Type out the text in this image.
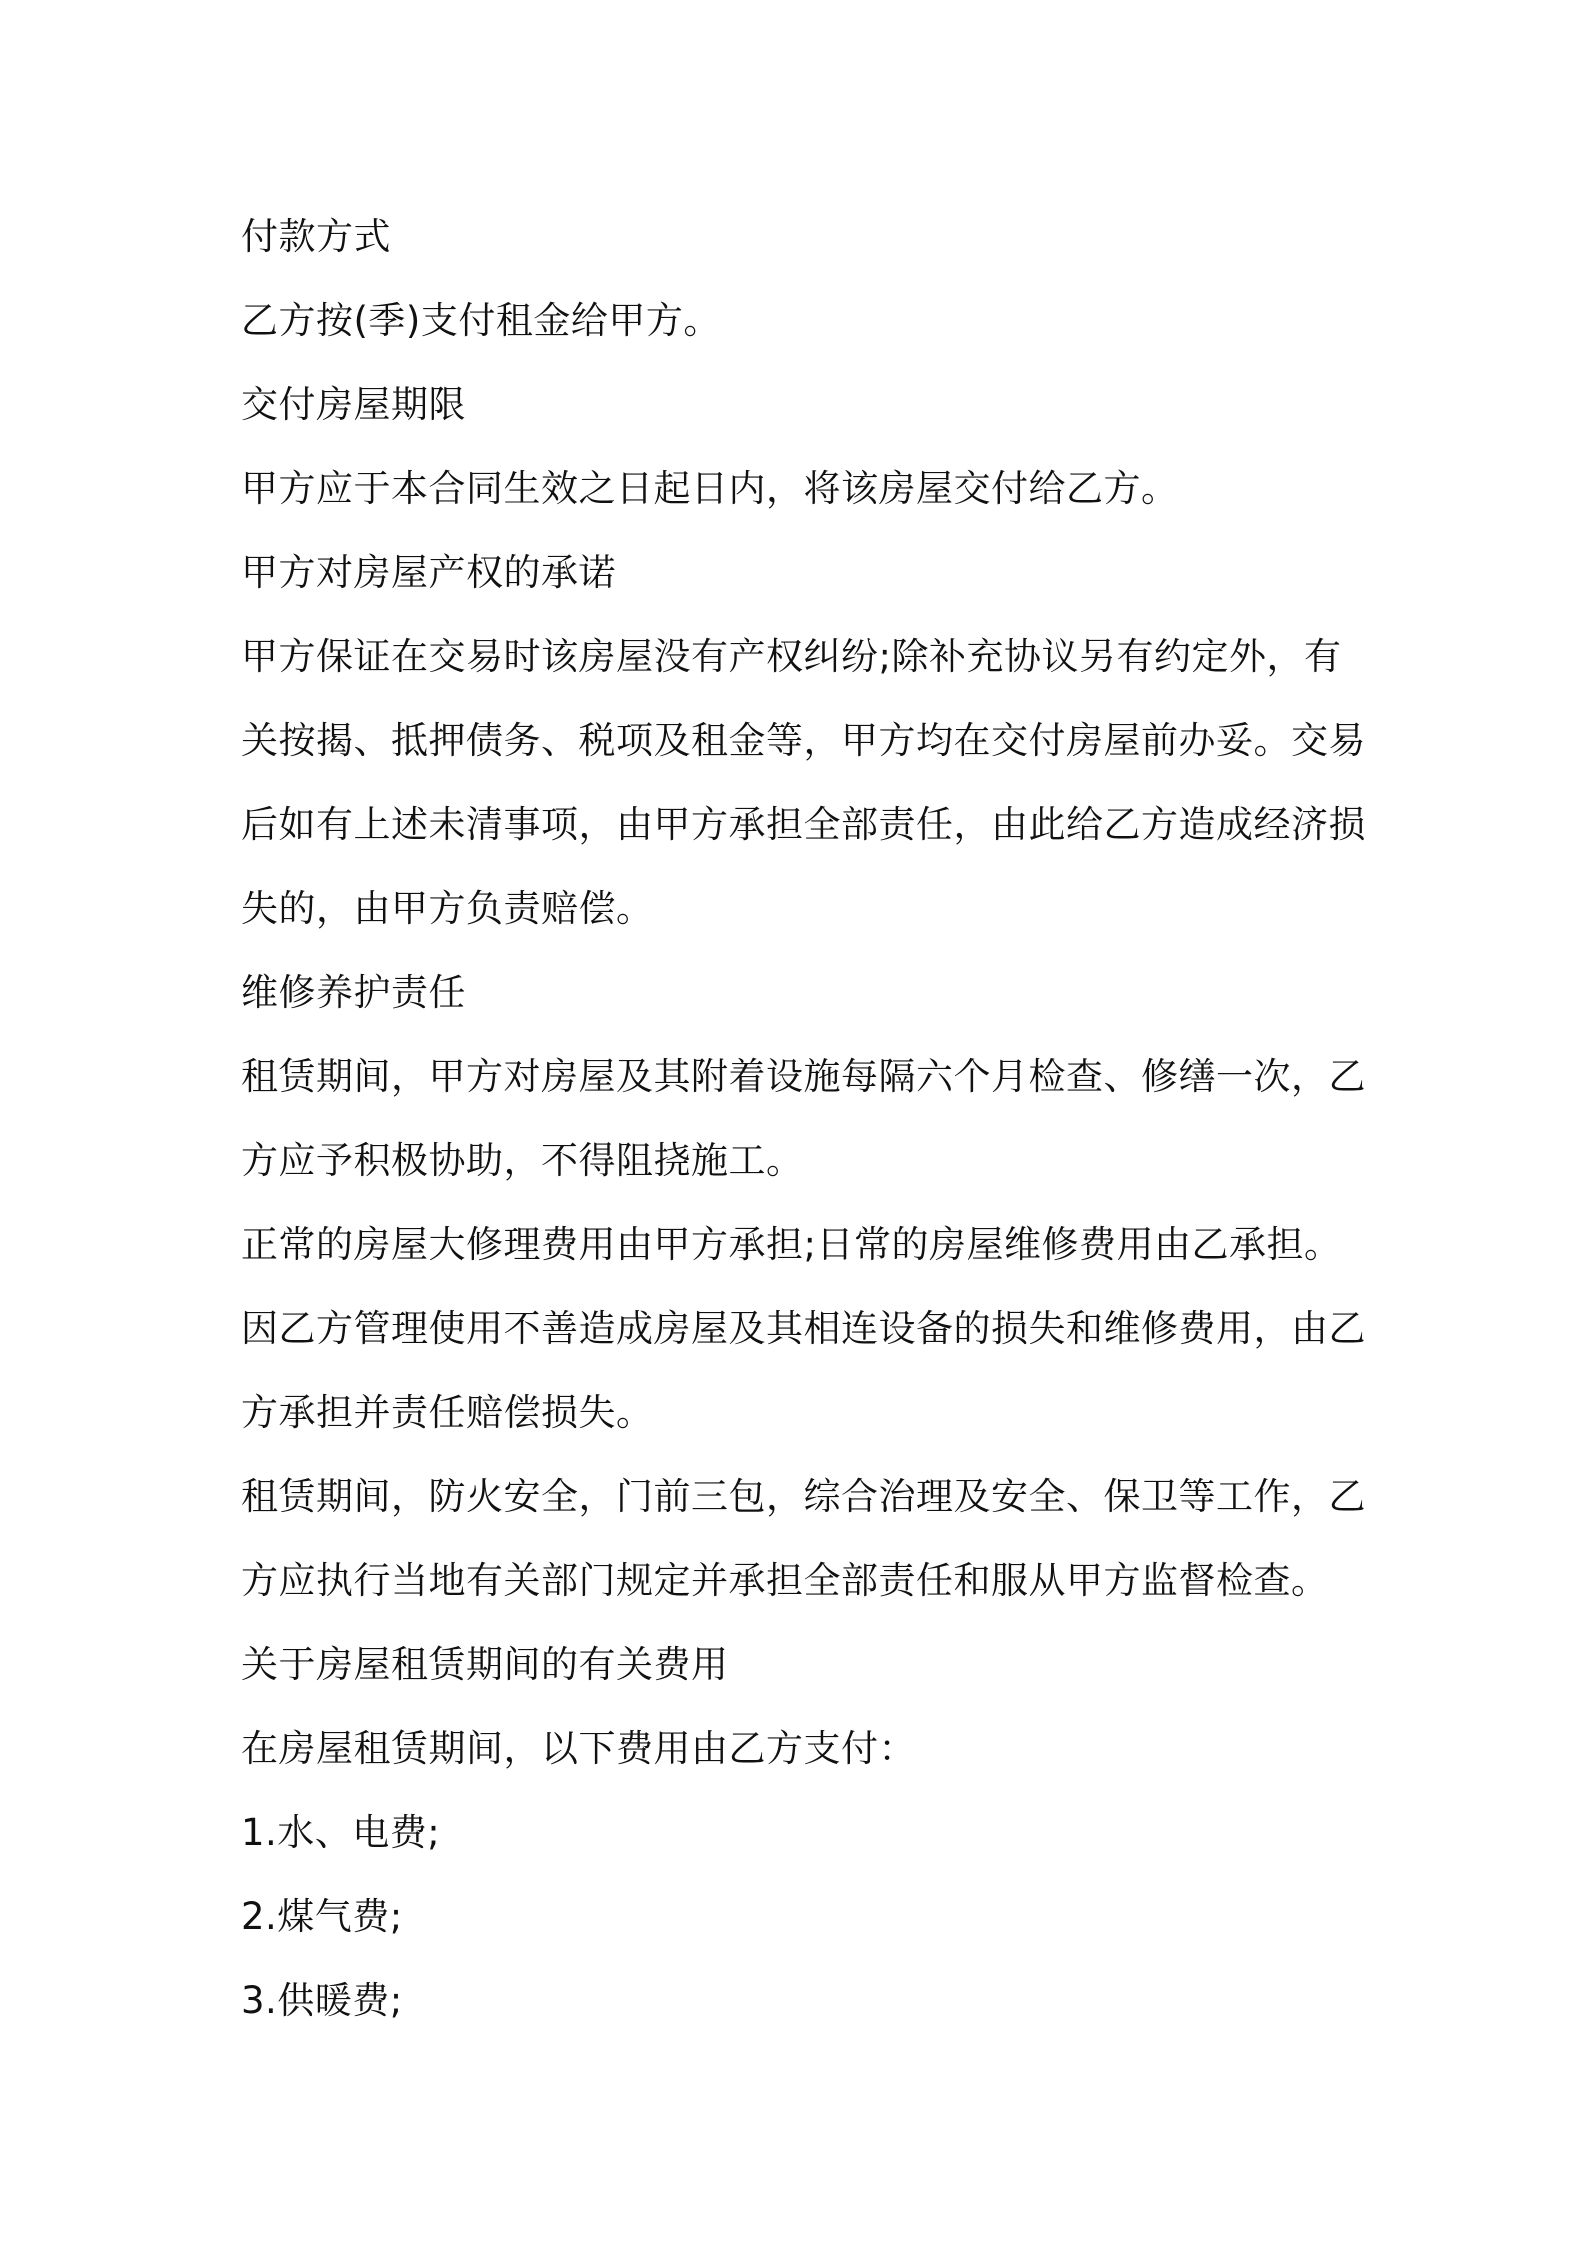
付款方式
乙方按(季)支付租金给甲方。
交付房屋期限
甲方应于本合同生效之日起日内，将该房屋交付给乙方。
甲方对房屋产权的承诺
甲方保证在交易时该房屋没有产权纠纷;除补充协议另有约定外，有
关按揭、抵押债务、税项及租金等，甲方均在交付房屋前办妥。交易
后如有上述未清事项，由甲方承担全部责任，由此给乙方造成经济损
失的，由甲方负责赔偿。
维修养护责任
租赁期间，甲方对房屋及其附着设施每隔六个月检查、修缮一次，乙
方应予积极协助，不得阻挠施工。
正常的房屋大修理费用由甲方承担;日常的房屋维修费用由乙承担。
因乙方管理使用不善造成房屋及其相连设备的损失和维修费用，由乙
方承担并责任赔偿损失。
租赁期间，防火安全，门前三包，综合治理及安全、保卫等工作，乙
方应执行当地有关部门规定并承担全部责任和服从甲方监督检查。
关于房屋租赁期间的有关费用
在房屋租赁期间，以下费用由乙方支付：
1.水、电费;
2.煤气费;
3.供暖费;
